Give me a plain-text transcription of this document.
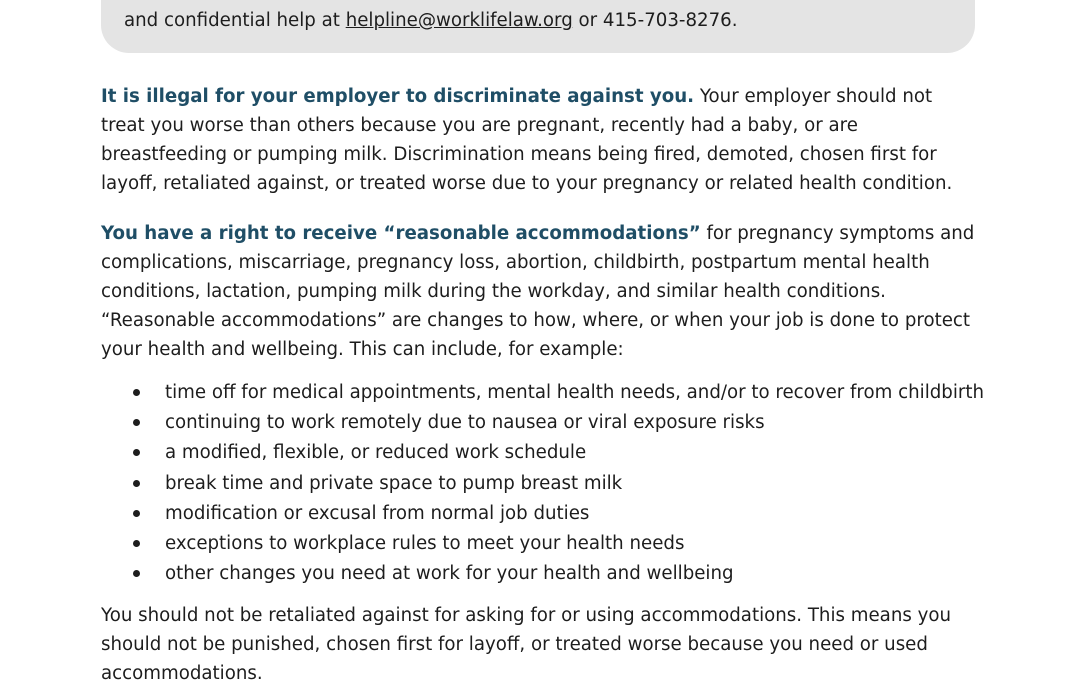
and confidential help at helpline@worklifelaw.org or 415-703-8276.

It is illegal for your employer to discriminate against you. Your employer should not treat you worse than others because you are pregnant, recently had a baby, or are breastfeeding or pumping milk. Discrimination means being fired, demoted, chosen first for layoff, retaliated against, or treated worse due to your pregnancy or related health condition.

You have a right to receive “reasonable accommodations” for pregnancy symptoms and complications, miscarriage, pregnancy loss, abortion, childbirth, postpartum mental health conditions, lactation, pumping milk during the workday, and similar health conditions. “Reasonable accommodations” are changes to how, where, or when your job is done to protect your health and wellbeing. This can include, for example:

time off for medical appointments, mental health needs, and/or to recover from childbirth
continuing to work remotely due to nausea or viral exposure risks
a modified, flexible, or reduced work schedule
break time and private space to pump breast milk
modification or excusal from normal job duties
exceptions to workplace rules to meet your health needs
other changes you need at work for your health and wellbeing

You should not be retaliated against for asking for or using accommodations. This means you should not be punished, chosen first for layoff, or treated worse because you need or used accommodations.
